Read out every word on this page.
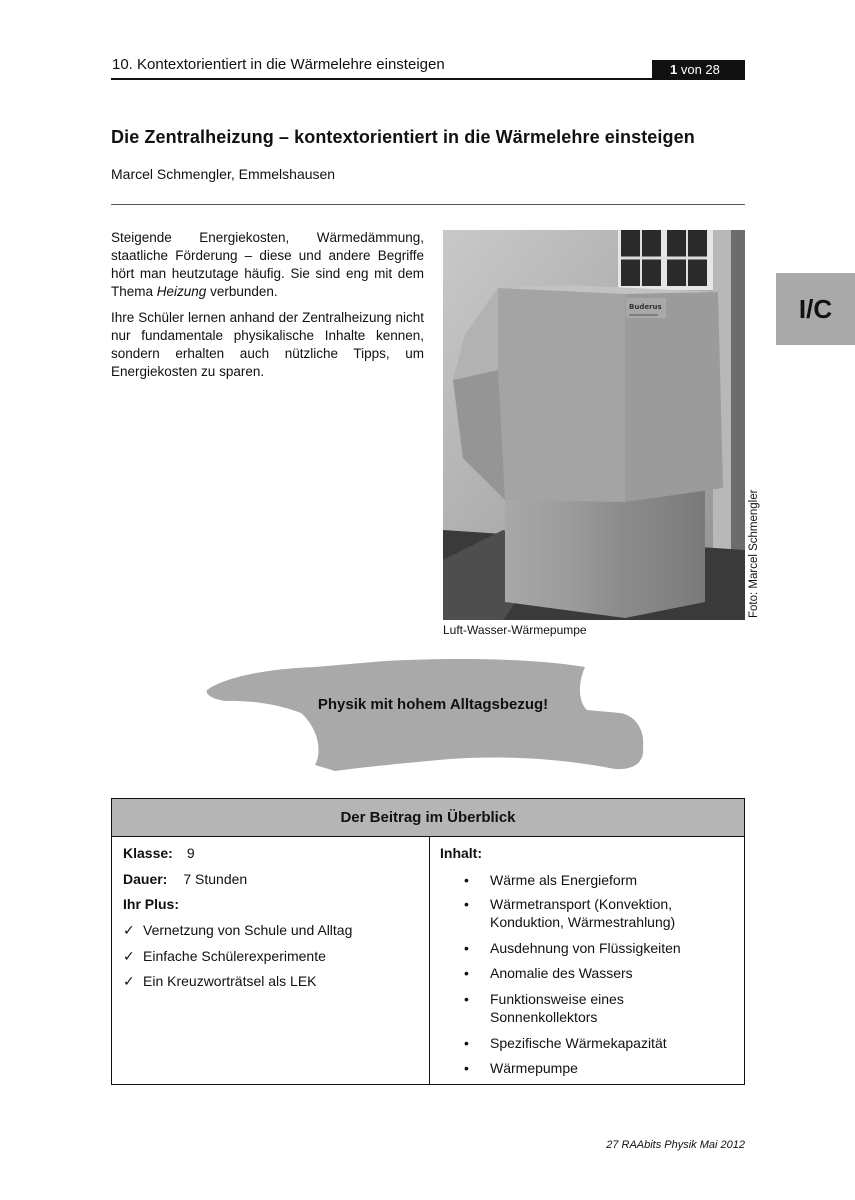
10. Kontextorientiert in die Wärmelehre einsteigen	1 von 28
Die Zentralheizung – kontextorientiert in die Wärmelehre einsteigen
Marcel Schmengler, Emmelshausen

Steigende Energiekosten, Wärmedämmung, staatliche Förderung – diese und andere Begriffe hört man heutzutage häufig. Sie sind eng mit dem Thema Heizung verbunden.

Ihre Schüler lernen anhand der Zentralheizung nicht nur fundamentale physikalische Inhalte kennen, sondern erhalten auch nützliche Tipps, um Energiekosten zu sparen.

Buderus
Luft-Wasser-Wärmepumpe
Foto: Marcel Schmengler
I/C
Physik mit hohem Alltagsbezug!
Der Beitrag im Überblick
Klasse: 9
Dauer: 7 Stunden
Ihr Plus:
✓ Vernetzung von Schule und Alltag
✓ Einfache Schülerexperimente
✓ Ein Kreuzworträtsel als LEK
Inhalt:
• Wärme als Energieform
• Wärmetransport (Konvektion, Konduktion, Wärmestrahlung)
• Ausdehnung von Flüssigkeiten
• Anomalie des Wassers
• Funktionsweise eines Sonnenkollektors
• Spezifische Wärmekapazität
• Wärmepumpe
27 RAAbits Physik Mai 2012
